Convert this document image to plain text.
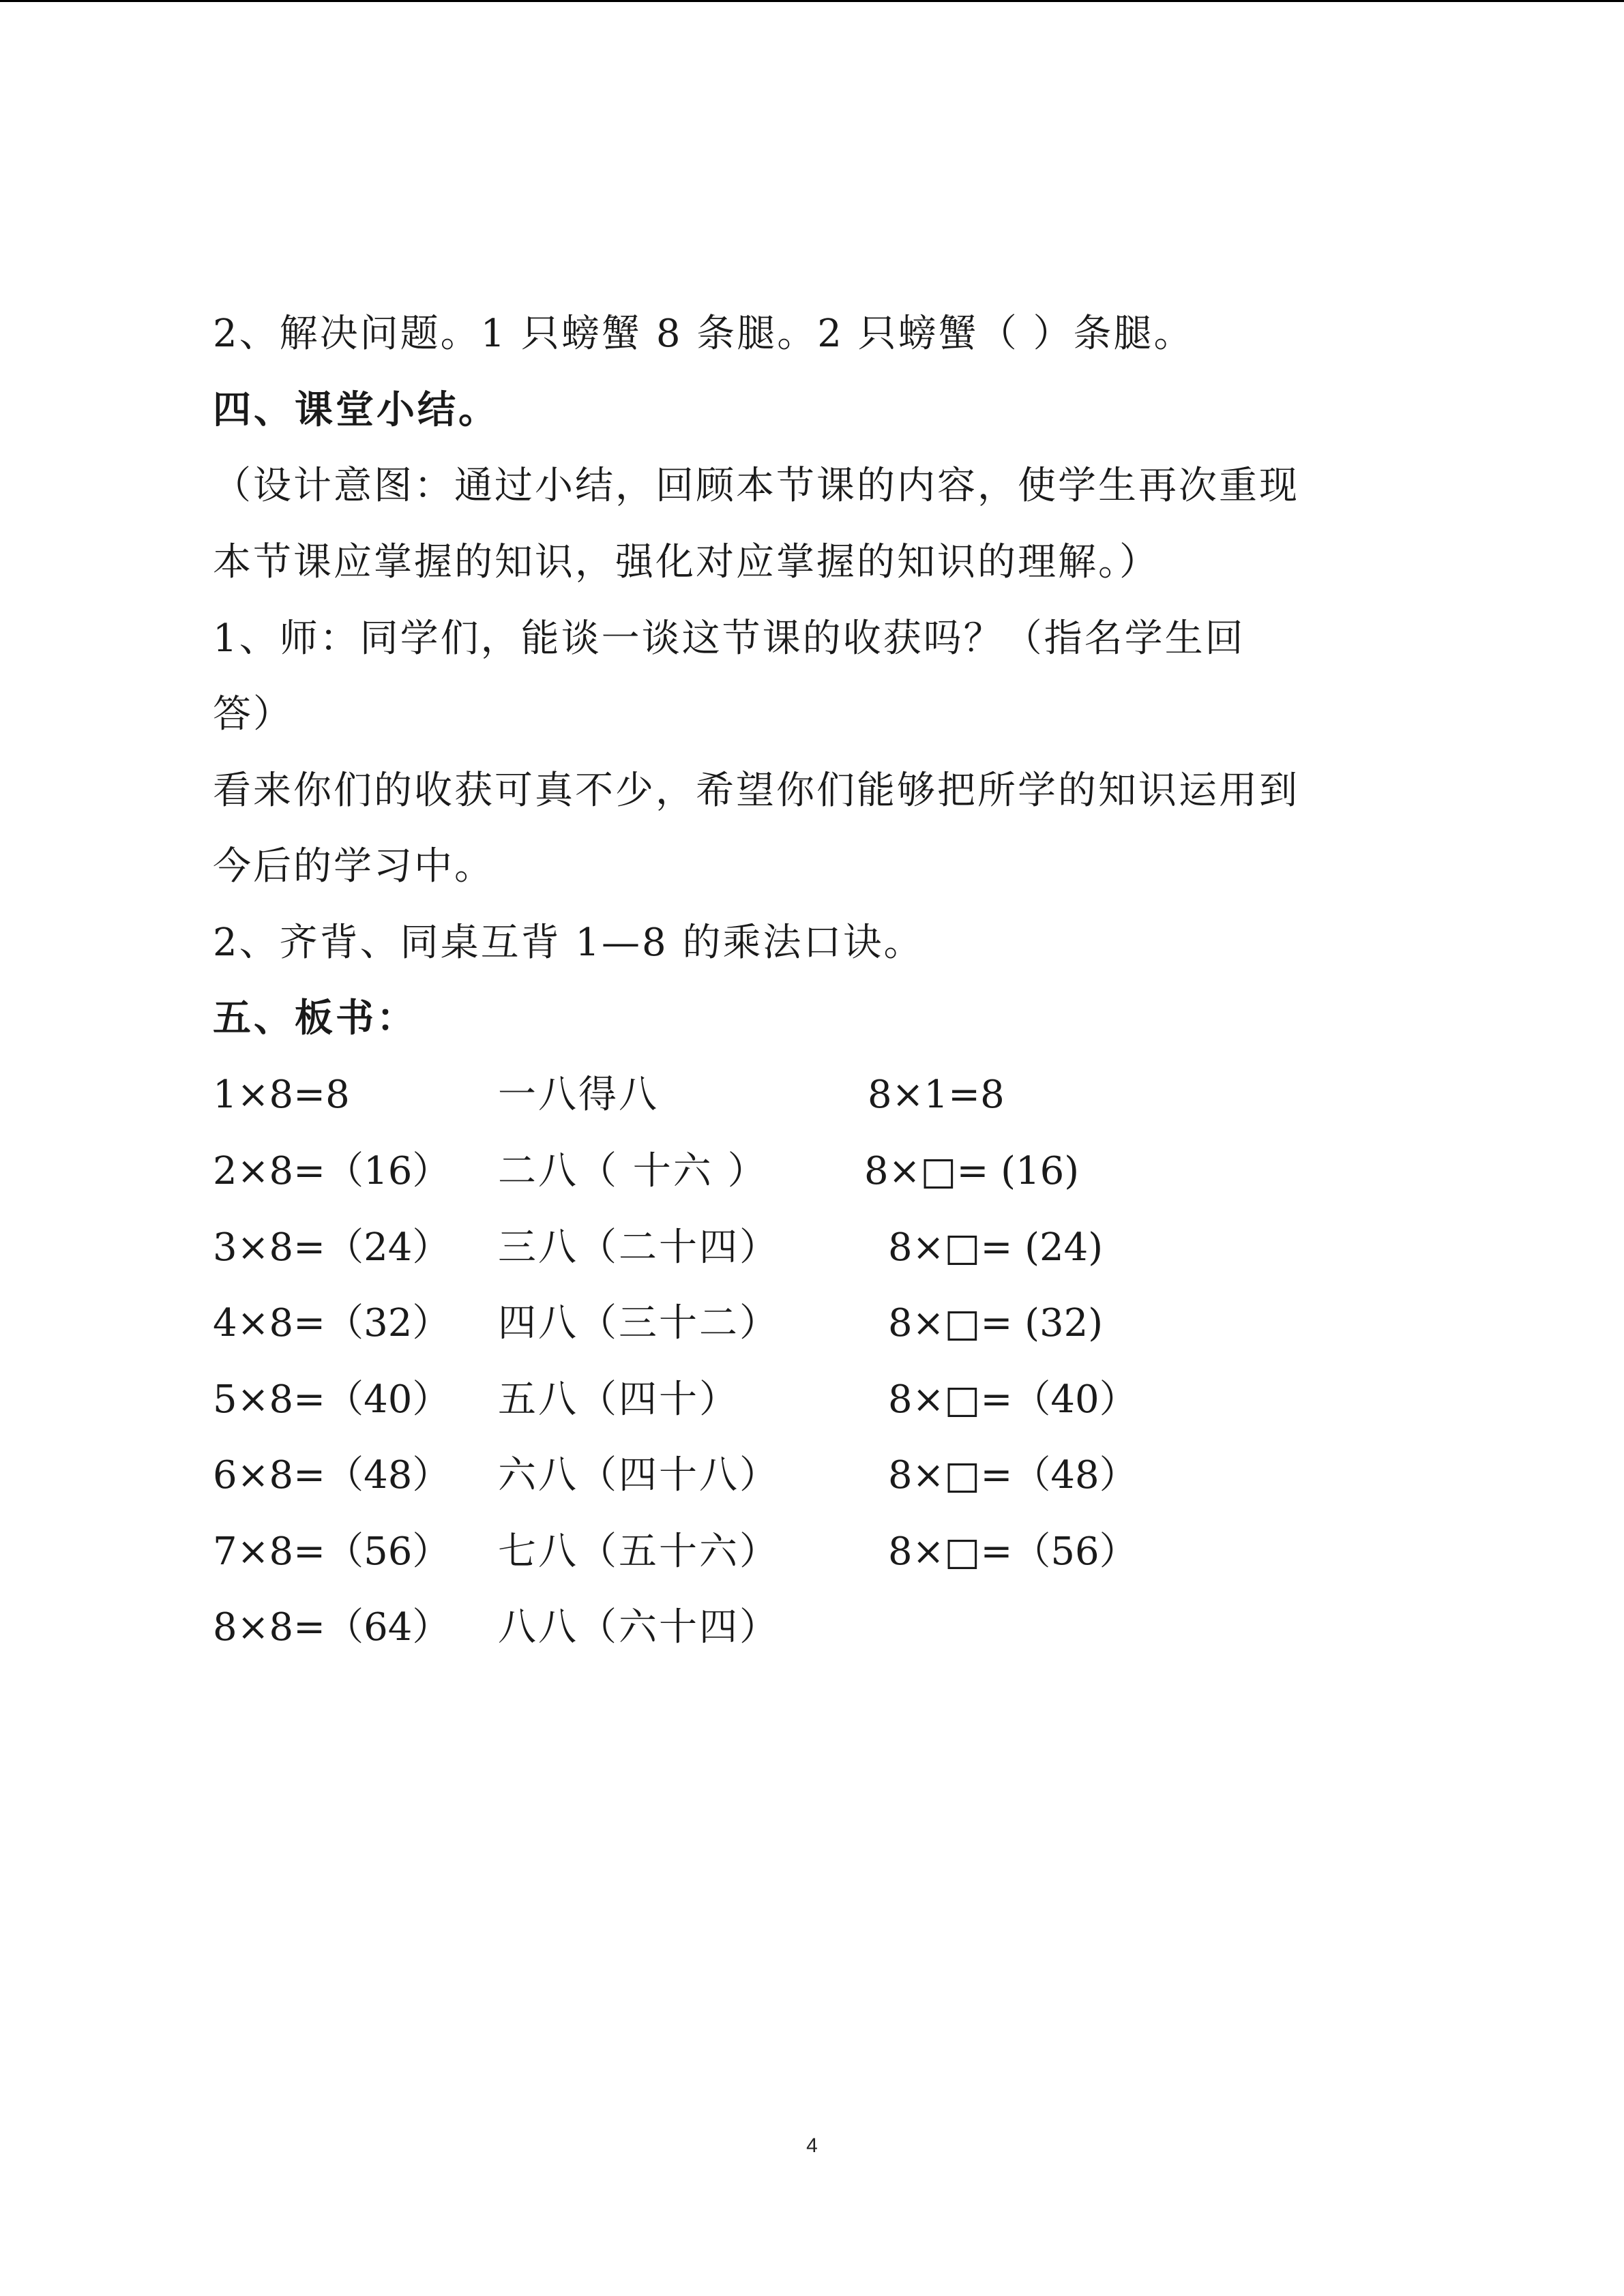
2、解决问题。1 只螃蟹 8 条腿。2 只螃蟹（ ）条腿。
四、课堂小结。
（设计意图：通过小结，回顾本节课的内容，使学生再次重现
本节课应掌握的知识，强化对应掌握的知识的理解。）
1、师：同学们，能谈一谈这节课的收获吗？（指名学生回
答）
看来你们的收获可真不少，希望你们能够把所学的知识运用到
今后的学习中。
2、齐背、同桌互背 1—8 的乘法口诀。
五、板书：
1×8=8	一八得八	8×1=8
2×8=（16） 二八（ 十六 ）	8×□= (16)
3×8=（24） 三八（二十四）	8×□= (24)
4×8=（32） 四八（三十二）	8×□= (32)
5×8=（40） 五八（四十）	8×□=（40）
6×8=（48） 六八（四十八）	8×□=（48）
7×8=（56） 七八（五十六）	8×□=（56）
8×8=（64） 八八（六十四）
4
